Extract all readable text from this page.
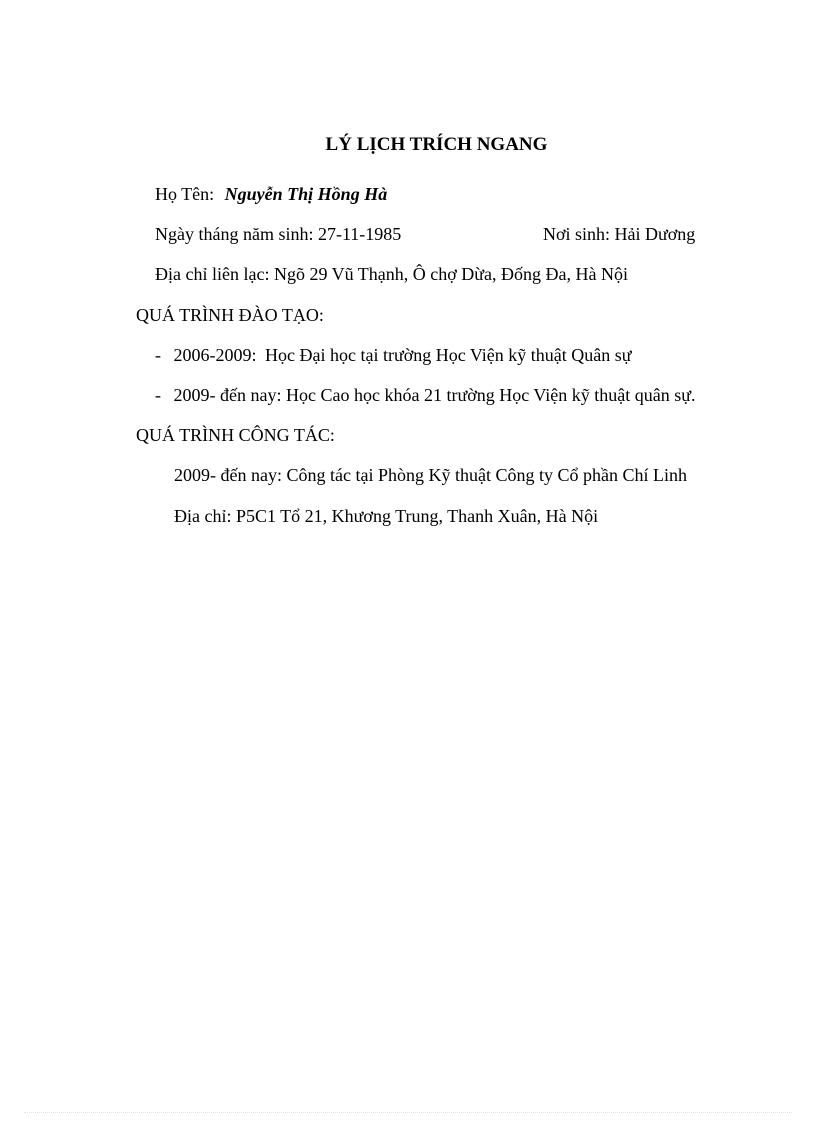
LÝ LỊCH TRÍCH NGANG
Họ Tên: Nguyễn Thị Hồng Hà
Ngày tháng năm sinh: 27-11-1985	Nơi sinh: Hải Dương
Địa chỉ liên lạc: Ngõ 29 Vũ Thạnh, Ô chợ Dừa, Đống Đa, Hà Nội
QUÁ TRÌNH ĐÀO TẠO:
- 2006-2009: Học Đại học tại trường Học Viện kỹ thuật Quân sự
- 2009- đến nay: Học Cao học khóa 21 trường Học Viện kỹ thuật quân sự.
QUÁ TRÌNH CÔNG TÁC:
2009- đến nay: Công tác tại Phòng Kỹ thuật Công ty Cổ phần Chí Linh
Địa chỉ: P5C1 Tổ 21, Khương Trung, Thanh Xuân, Hà Nội
